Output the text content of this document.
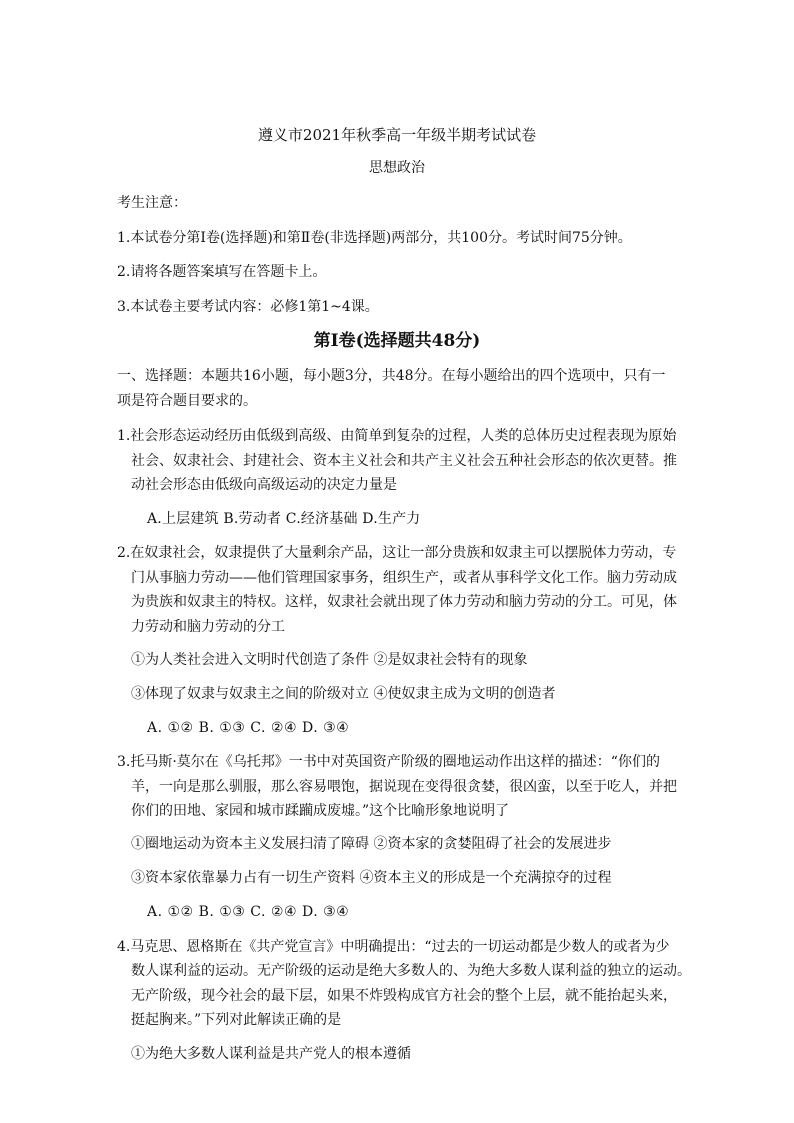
遵义市2021年秋季高一年级半期考试试卷
思想政治
考生注意：
1.本试卷分第Ⅰ卷(选择题)和第Ⅱ卷(非选择题)两部分，共100分。考试时间75分钟。
2.请将各题答案填写在答题卡上。
3.本试卷主要考试内容：必修1第1~4课。
第Ⅰ卷(选择题共48分)
一、选择题：本题共16小题，每小题3分，共48分。在每小题给出的四个选项中，只有一
项是符合题目要求的。
1.社会形态运动经历由低级到高级、由简单到复杂的过程，人类的总体历史过程表现为原始
社会、奴隶社会、封建社会、资本主义社会和共产主义社会五种社会形态的依次更替。推
动社会形态由低级向高级运动的决定力量是
A.上层建筑 B.劳动者 C.经济基础 D.生产力
2.在奴隶社会，奴隶提供了大量剩余产品，这让一部分贵族和奴隶主可以摆脱体力劳动，专
门从事脑力劳动——他们管理国家事务，组织生产，或者从事科学文化工作。脑力劳动成
为贵族和奴隶主的特权。这样，奴隶社会就出现了体力劳动和脑力劳动的分工。可见，体
力劳动和脑力劳动的分工
①为人类社会进入文明时代创造了条件 ②是奴隶社会特有的现象
③体现了奴隶与奴隶主之间的阶级对立 ④使奴隶主成为文明的创造者
A. ①② B. ①③ C. ②④ D. ③④
3.托马斯·莫尔在《乌托邦》一书中对英国资产阶级的圈地运动作出这样的描述：“你们的
羊，一向是那么驯服，那么容易喂饱，据说现在变得很贪婪，很凶蛮，以至于吃人，并把
你们的田地、家园和城市蹂躏成废墟。”这个比喻形象地说明了
①圈地运动为资本主义发展扫清了障碍 ②资本家的贪婪阻碍了社会的发展进步
③资本家依靠暴力占有一切生产资料 ④资本主义的形成是一个充满掠夺的过程
A. ①② B. ①③ C. ②④ D. ③④
4.马克思、恩格斯在《共产党宣言》中明确提出：“过去的一切运动都是少数人的或者为少
数人谋利益的运动。无产阶级的运动是绝大多数人的、为绝大多数人谋利益的独立的运动。
无产阶级，现今社会的最下层，如果不炸毁构成官方社会的整个上层，就不能抬起头来，
挺起胸来。”下列对此解读正确的是
①为绝大多数人谋利益是共产党人的根本遵循
